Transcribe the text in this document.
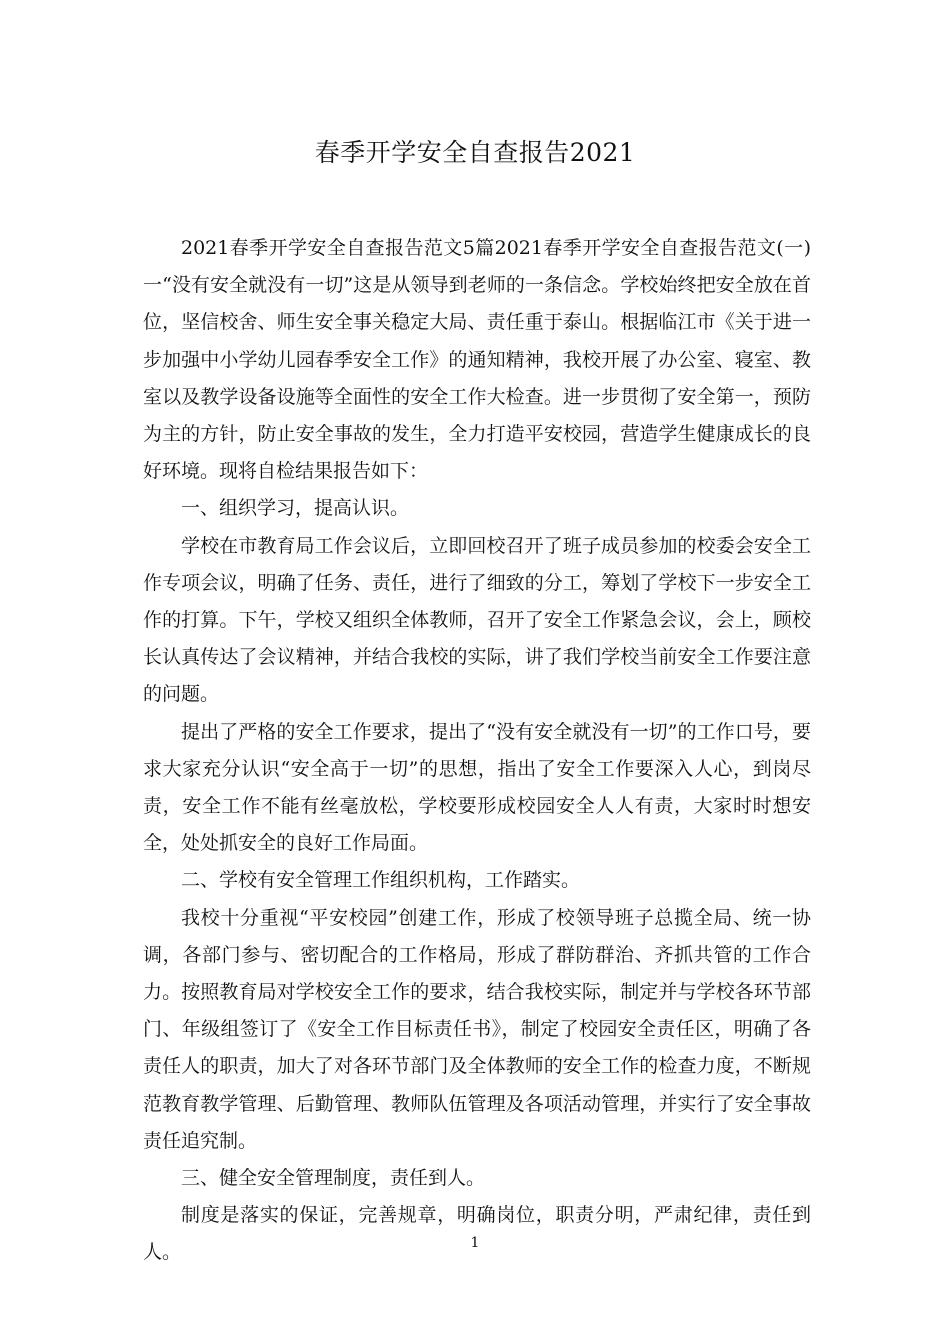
春季开学安全自查报告2021

2021春季开学安全自查报告范文5篇2021春季开学安全自查报告范文(一)一“没有安全就没有一切”这是从领导到老师的一条信念。学校始终把安全放在首位，坚信校舍、师生安全事关稳定大局、责任重于泰山。根据临江市《关于进一步加强中小学幼儿园春季安全工作》的通知精神，我校开展了办公室、寝室、教室以及教学设备设施等全面性的安全工作大检查。进一步贯彻了安全第一，预防为主的方针，防止安全事故的发生，全力打造平安校园，营造学生健康成长的良好环境。现将自检结果报告如下：

一、组织学习，提高认识。

学校在市教育局工作会议后，立即回校召开了班子成员参加的校委会安全工作专项会议，明确了任务、责任，进行了细致的分工，筹划了学校下一步安全工作的打算。下午，学校又组织全体教师，召开了安全工作紧急会议，会上，顾校长认真传达了会议精神，并结合我校的实际，讲了我们学校当前安全工作要注意的问题。

提出了严格的安全工作要求，提出了“没有安全就没有一切”的工作口号，要求大家充分认识“安全高于一切”的思想，指出了安全工作要深入人心，到岗尽责，安全工作不能有丝毫放松，学校要形成校园安全人人有责，大家时时想安全，处处抓安全的良好工作局面。

二、学校有安全管理工作组织机构，工作踏实。

我校十分重视“平安校园”创建工作，形成了校领导班子总揽全局、统一协调，各部门参与、密切配合的工作格局，形成了群防群治、齐抓共管的工作合力。按照教育局对学校安全工作的要求，结合我校实际，制定并与学校各环节部门、年级组签订了《安全工作目标责任书》，制定了校园安全责任区，明确了各责任人的职责，加大了对各环节部门及全体教师的安全工作的检查力度，不断规范教育教学管理、后勤管理、教师队伍管理及各项活动管理，并实行了安全事故责任追究制。

三、健全安全管理制度，责任到人。

制度是落实的保证，完善规章，明确岗位，职责分明，严肃纪律，责任到人。	1
